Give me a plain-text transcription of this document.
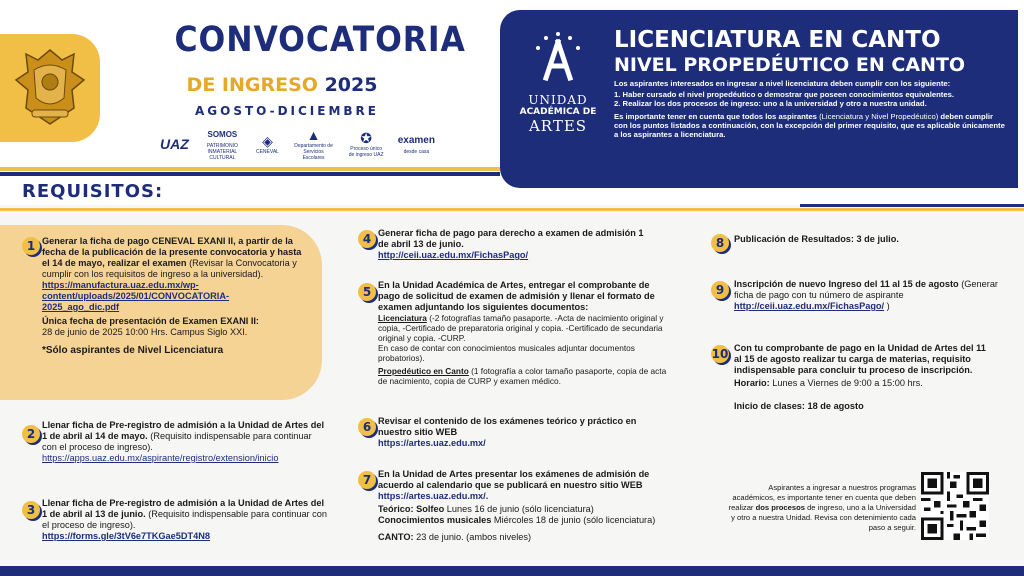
CONVOCATORIA
DE INGRESO 2025
AGOSTO-DICIEMBRE
UAZ
SOMOS
PATRIMONIO INMATERIAL CULTURAL
◈
CENEVAL
▲
Departamento de Servicios Escolares
✪
Proceso único de ingreso UAZ
examen
desde casa
UNIDAD
ACADÉMICA DE
ARTES
LICENCIATURA EN CANTO
NIVEL PROPEDÉUTICO EN CANTO

Los aspirantes interesados en ingresar a nivel licenciatura deben cumplir con los siguiente:

1. Haber cursado el nivel propedéutico o demostrar que poseen conocimientos equivalentes.

2. Realizar los dos procesos de ingreso: uno a la universidad y otro a nuestra unidad.

Es importante tener en cuenta que todos los aspirantes (Licenciatura y Nivel Propedéutico) deben cumplir con los puntos listados a continuación, con la excepción del primer requisito, que es aplicable únicamente a los aspirantes a licenciatura.

REQUISITOS:
1 Generar la ficha de pago CENEVAL EXANI II, a partir de la fecha de la publicación de la presente convocatoria y hasta el 14 de mayo, realizar el examen (Revisar la Convocatoria y cumplir con los requisitos de ingreso a la universidad).
https://manufactura.uaz.edu.mx/wp-content/uploads/2025/01/CONVOCATORIA-2025_ago_dic.pdf
Única fecha de presentación de Examen EXANI II:
28 de junio de 2025 10:00 Hrs. Campus Siglo XXI.
*Sólo aspirantes de Nivel Licenciatura
2
Llenar ficha de Pre-registro de admisión a la Unidad de Artes del 1 de abril al 14 de mayo. (Requisito indispensable para continuar con el proceso de ingreso).
https://apps.uaz.edu.mx/aspirante/registro/extension/inicio
3 Llenar ficha de Pre-registro de admisión a la Unidad de Artes del 1 de abril al 13 de junio. (Requisito indispensable para continuar con el proceso de ingreso).
https://forms.gle/3tV6e7TKGae5DT4N8
4 Generar ficha de pago para derecho a examen de admisión 1 de abril 13 de junio.
http://ceii.uaz.edu.mx/FichasPago/
5 En la Unidad Académica de Artes, entregar el comprobante de pago de solicitud de examen de admisión y llenar el formato de examen adjuntando los siguientes documentos:
Licenciatura (-2 fotografías tamaño pasaporte. -Acta de nacimiento original y copia, -Certificado de preparatoria original y copia. -Certificado de secundaria original y copia. -CURP.
En caso de contar con conocimientos musicales adjuntar documentos probatorios).
Propedéutico en Canto (1 fotografía a color tamaño pasaporte, copia de acta de nacimiento, copia de CURP y examen médico.
6 Revisar el contenido de los exámenes teórico y práctico en nuestro sitio WEB
https://artes.uaz.edu.mx/
7 En la Unidad de Artes presentar los exámenes de admisión de acuerdo al calendario que se publicará en nuestro sitio WEB https://artes.uaz.edu.mx/.
Teórico: Solfeo Lunes 16 de junio (sólo licenciatura)
Conocimientos musicales Miércoles 18 de junio (sólo licenciatura)
CANTO: 23 de junio. (ambos niveles)
8	Publicación de Resultados: 3 de julio.
9	Inscripción de nuevo Ingreso del 11 al 15 de agosto (Generar ficha de pago con tu número de aspirante http://ceii.uaz.edu.mx/FichasPago/ )
10 Con tu comprobante de pago en la Unidad de Artes del 11 al 15 de agosto realizar tu carga de materias, requisito indispensable para concluir tu proceso de inscripción.
Horario: Lunes a Viernes de 9:00 a 15:00 hrs.
Inicio de clases: 18 de agosto
Aspirantes a ingresar a nuestros programas académicos, es importante tener en cuenta que deben realizar dos procesos de ingreso, uno a la Universidad y otro a nuestra Unidad. Revisa con detenimiento cada paso a seguir.
